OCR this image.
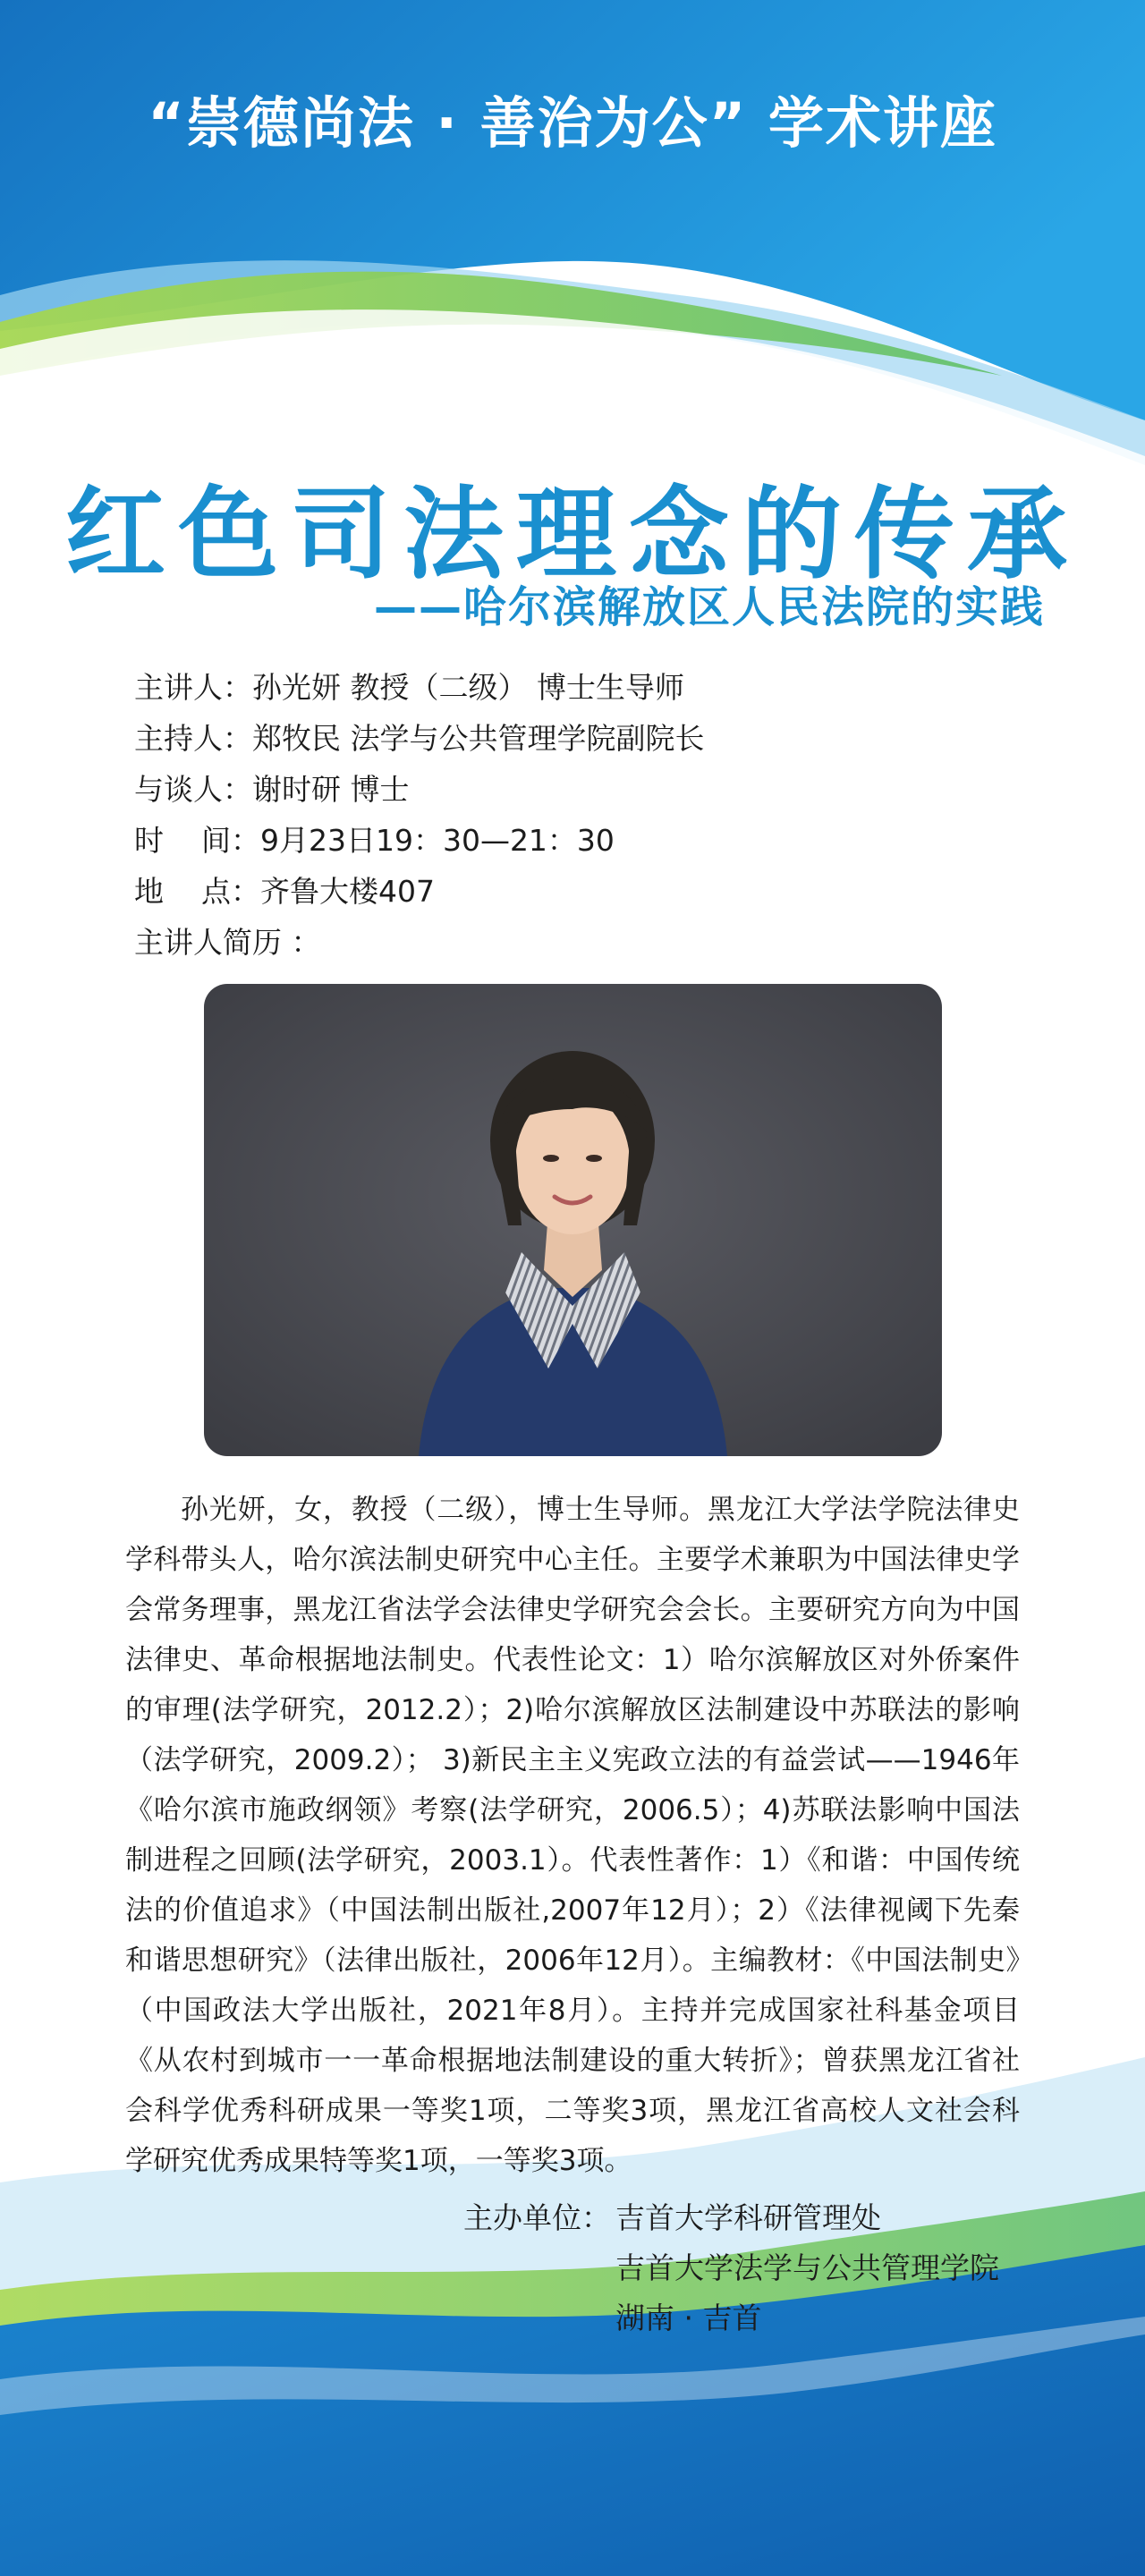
“崇德尚法 · 善治为公” 学术讲座
红色司法理念的传承
——哈尔滨解放区人民法院的实践
主讲人：孙光妍 教授（二级） 博士生导师
主持人：郑牧民 法学与公共管理学院副院长
与谈人：谢时研 博士
时    间：9月23日19：30—21：30
地    点：齐鲁大楼407
主讲人简历 ：

孙光妍，女，教授（二级），博士生导师。黑龙江大学法学院法律史学科带头人，哈尔滨法制史研究中心主任。主要学术兼职为中国法律史学会常务理事，黑龙江省法学会法律史学研究会会长。主要研究方向为中国法律史、革命根据地法制史。代表性论文：1）哈尔滨解放区对外侨案件的审理(法学研究，2012.2）；2)哈尔滨解放区法制建设中苏联法的影响（法学研究，2009.2）； 3)新民主主义宪政立法的有益尝试——1946年《哈尔滨市施政纲领》考察(法学研究，2006.5）；4)苏联法影响中国法制进程之回顾(法学研究，2003.1）。代表性著作：1）《和谐：中国传统法的价值追求》（中国法制出版社,2007年12月）；2）《法律视阈下先秦和谐思想研究》（法律出版社，2006年12月）。主编教材：《中国法制史》（中国政法大学出版社，2021年8月）。主持并完成国家社科基金项目《从农村到城市一一革命根据地法制建设的重大转折》；曾获黑龙江省社会科学优秀科研成果一等奖1项，二等奖3项，黑龙江省高校人文社会科学研究优秀成果特等奖1项，一等奖3项。

主办单位： 吉首大学科研管理处
吉首大学法学与公共管理学院
湖南 · 吉首
